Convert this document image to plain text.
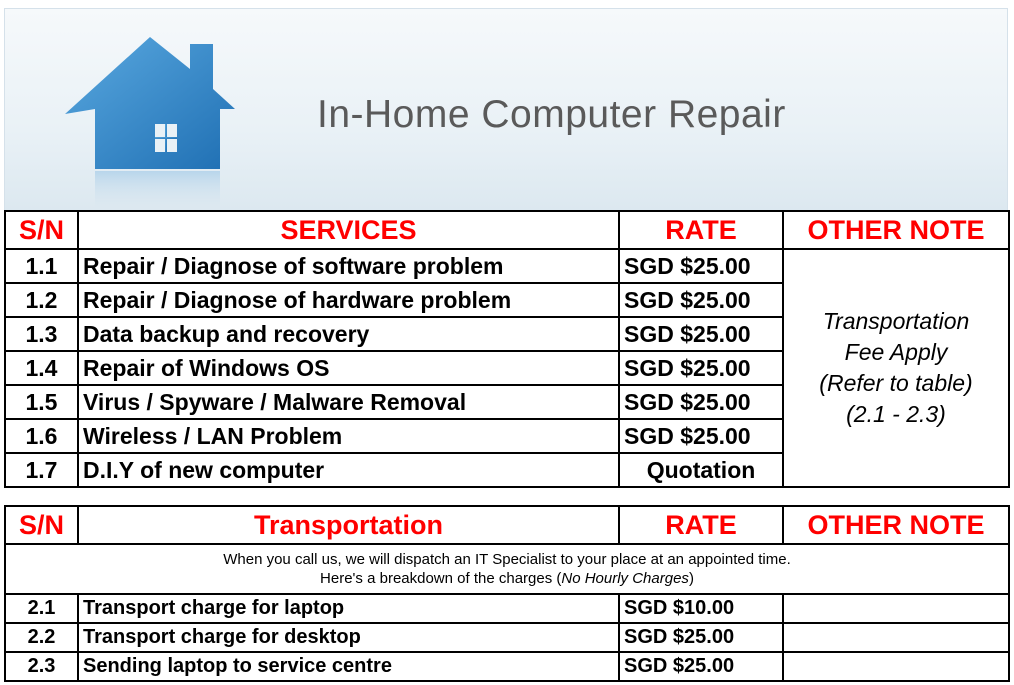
In-Home Computer Repair
S/N	SERVICES	RATE	OTHER NOTE
1.1	Repair / Diagnose of software problem	SGD $25.00	Transportation
Fee Apply
(Refer to table)
(2.1 - 2.3)

1.2	Repair / Diagnose of hardware problem	SGD $25.00	
1.3	Data backup and recovery	SGD $25.00	
1.4	Repair of Windows OS	SGD $25.00	
1.5	Virus / Spyware / Malware Removal	SGD $25.00	
1.6	Wireless / LAN Problem	SGD $25.00	
1.7	D.I.Y of new computer	Quotation	
S/N	Transportation	RATE	OTHER NOTE

When you call us, we will dispatch an IT Specialist to your place at an appointed time.
Here's a breakdown of the charges (No Hourly Charges)			

2.1	Transport charge for laptop	SGD $10.00	
2.2	Transport charge for desktop	SGD $25.00	
2.3	Sending laptop to service centre	SGD $25.00	
